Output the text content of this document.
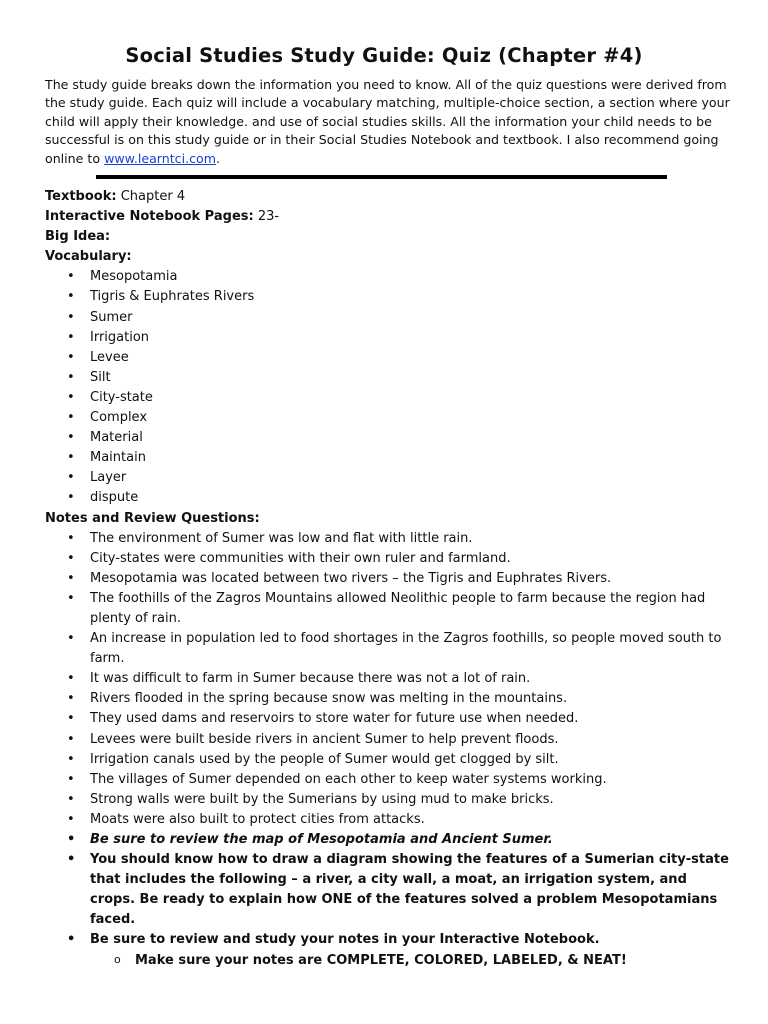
Social Studies Study Guide: Quiz (Chapter #4)

The study guide breaks down the information you need to know. All of the quiz questions were derived from the study guide. Each quiz will include a vocabulary matching, multiple-choice section, a section where your child will apply their knowledge. and use of social studies skills. All the information your child needs to be successful is on this study guide or in their Social Studies Notebook and textbook. I also recommend going online to www.learntci.com.

Textbook: Chapter 4

Interactive Notebook Pages: 23-

Big Idea:

Vocabulary:

• Mesopotamia
• Tigris & Euphrates Rivers
• Sumer
• Irrigation
• Levee
• Silt
• City-state
• Complex
• Material
• Maintain
• Layer
• dispute

Notes and Review Questions:

• The environment of Sumer was low and flat with little rain.
• City-states were communities with their own ruler and farmland.
• Mesopotamia was located between two rivers – the Tigris and Euphrates Rivers.
• The foothills of the Zagros Mountains allowed Neolithic people to farm because the region had plenty of rain.
• An increase in population led to food shortages in the Zagros foothills, so people moved south to farm.
• It was difficult to farm in Sumer because there was not a lot of rain.
• Rivers flooded in the spring because snow was melting in the mountains.
• They used dams and reservoirs to store water for future use when needed.
• Levees were built beside rivers in ancient Sumer to help prevent floods.
• Irrigation canals used by the people of Sumer would get clogged by silt.
• The villages of Sumer depended on each other to keep water systems working.
• Strong walls were built by the Sumerians by using mud to make bricks.
• Moats were also built to protect cities from attacks.
• Be sure to review the map of Mesopotamia and Ancient Sumer.
• You should know how to draw a diagram showing the features of a Sumerian city-state that includes the following – a river, a city wall, a moat, an irrigation system, and crops. Be ready to explain how ONE of the features solved a problem Mesopotamians faced.
• Be sure to review and study your notes in your Interactive Notebook.
o Make sure your notes are COMPLETE, COLORED, LABELED, & NEAT!
